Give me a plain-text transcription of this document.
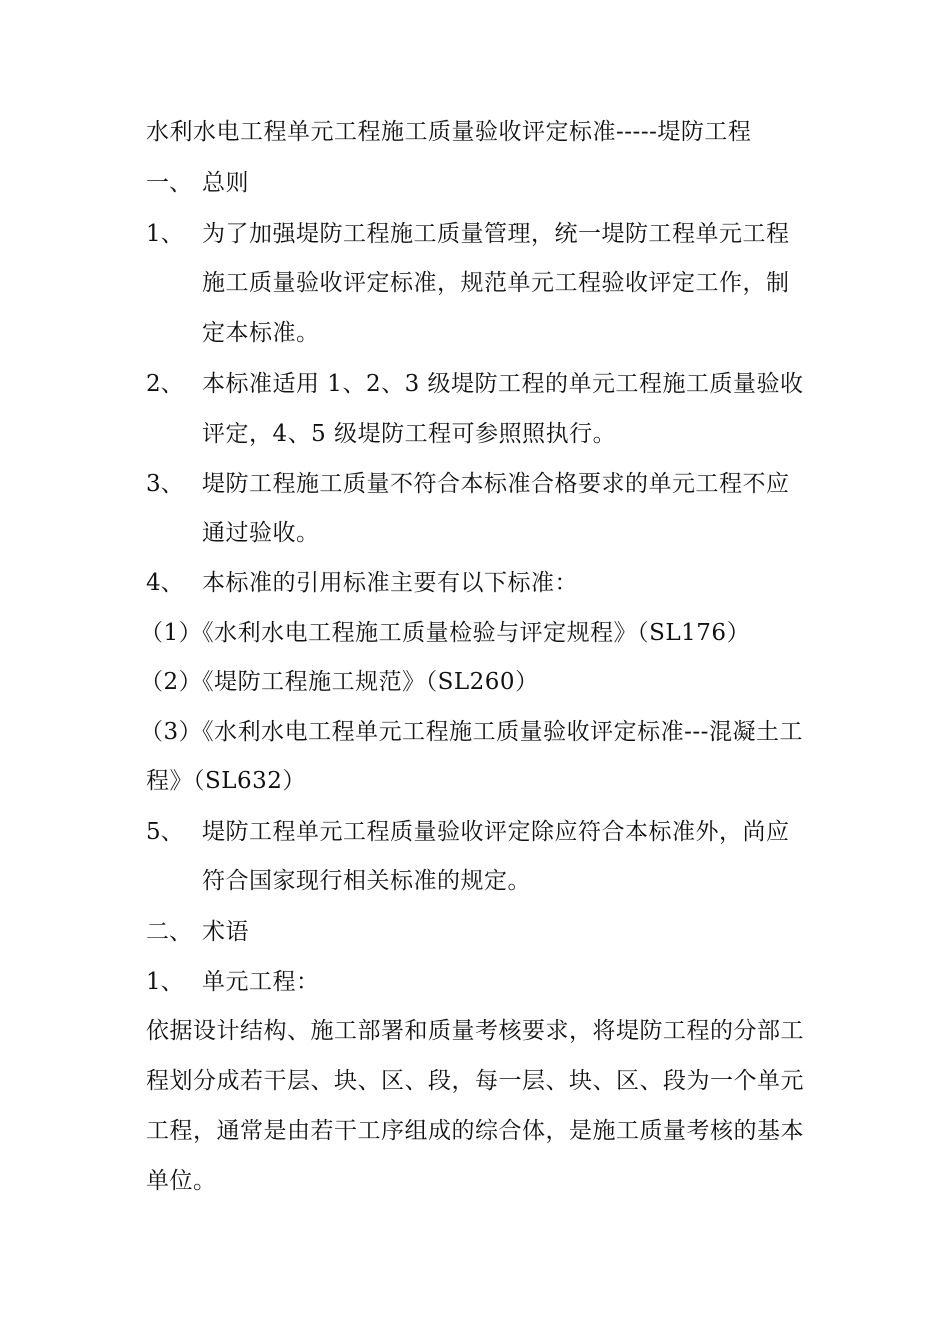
水利水电工程单元工程施工质量验收评定标准-----堤防工程
一、 总则
1、 为了加强堤防工程施工质量管理，统一堤防工程单元工程
施工质量验收评定标准，规范单元工程验收评定工作，制
定本标准。
2、 本标准适用 1、2、3 级堤防工程的单元工程施工质量验收
评定，4、5 级堤防工程可参照照执行。
3、 堤防工程施工质量不符合本标准合格要求的单元工程不应
通过验收。
4、 本标准的引用标准主要有以下标准：
（1）《水利水电工程施工质量检验与评定规程》（SL176）
（2）《堤防工程施工规范》（SL260）
（3）《水利水电工程单元工程施工质量验收评定标准---混凝土工
程》（SL632）
5、 堤防工程单元工程质量验收评定除应符合本标准外，尚应
符合国家现行相关标准的规定。
二、 术语
1、 单元工程：
依据设计结构、施工部署和质量考核要求，将堤防工程的分部工
程划分成若干层、块、区、段，每一层、块、区、段为一个单元
工程，通常是由若干工序组成的综合体，是施工质量考核的基本
单位。
